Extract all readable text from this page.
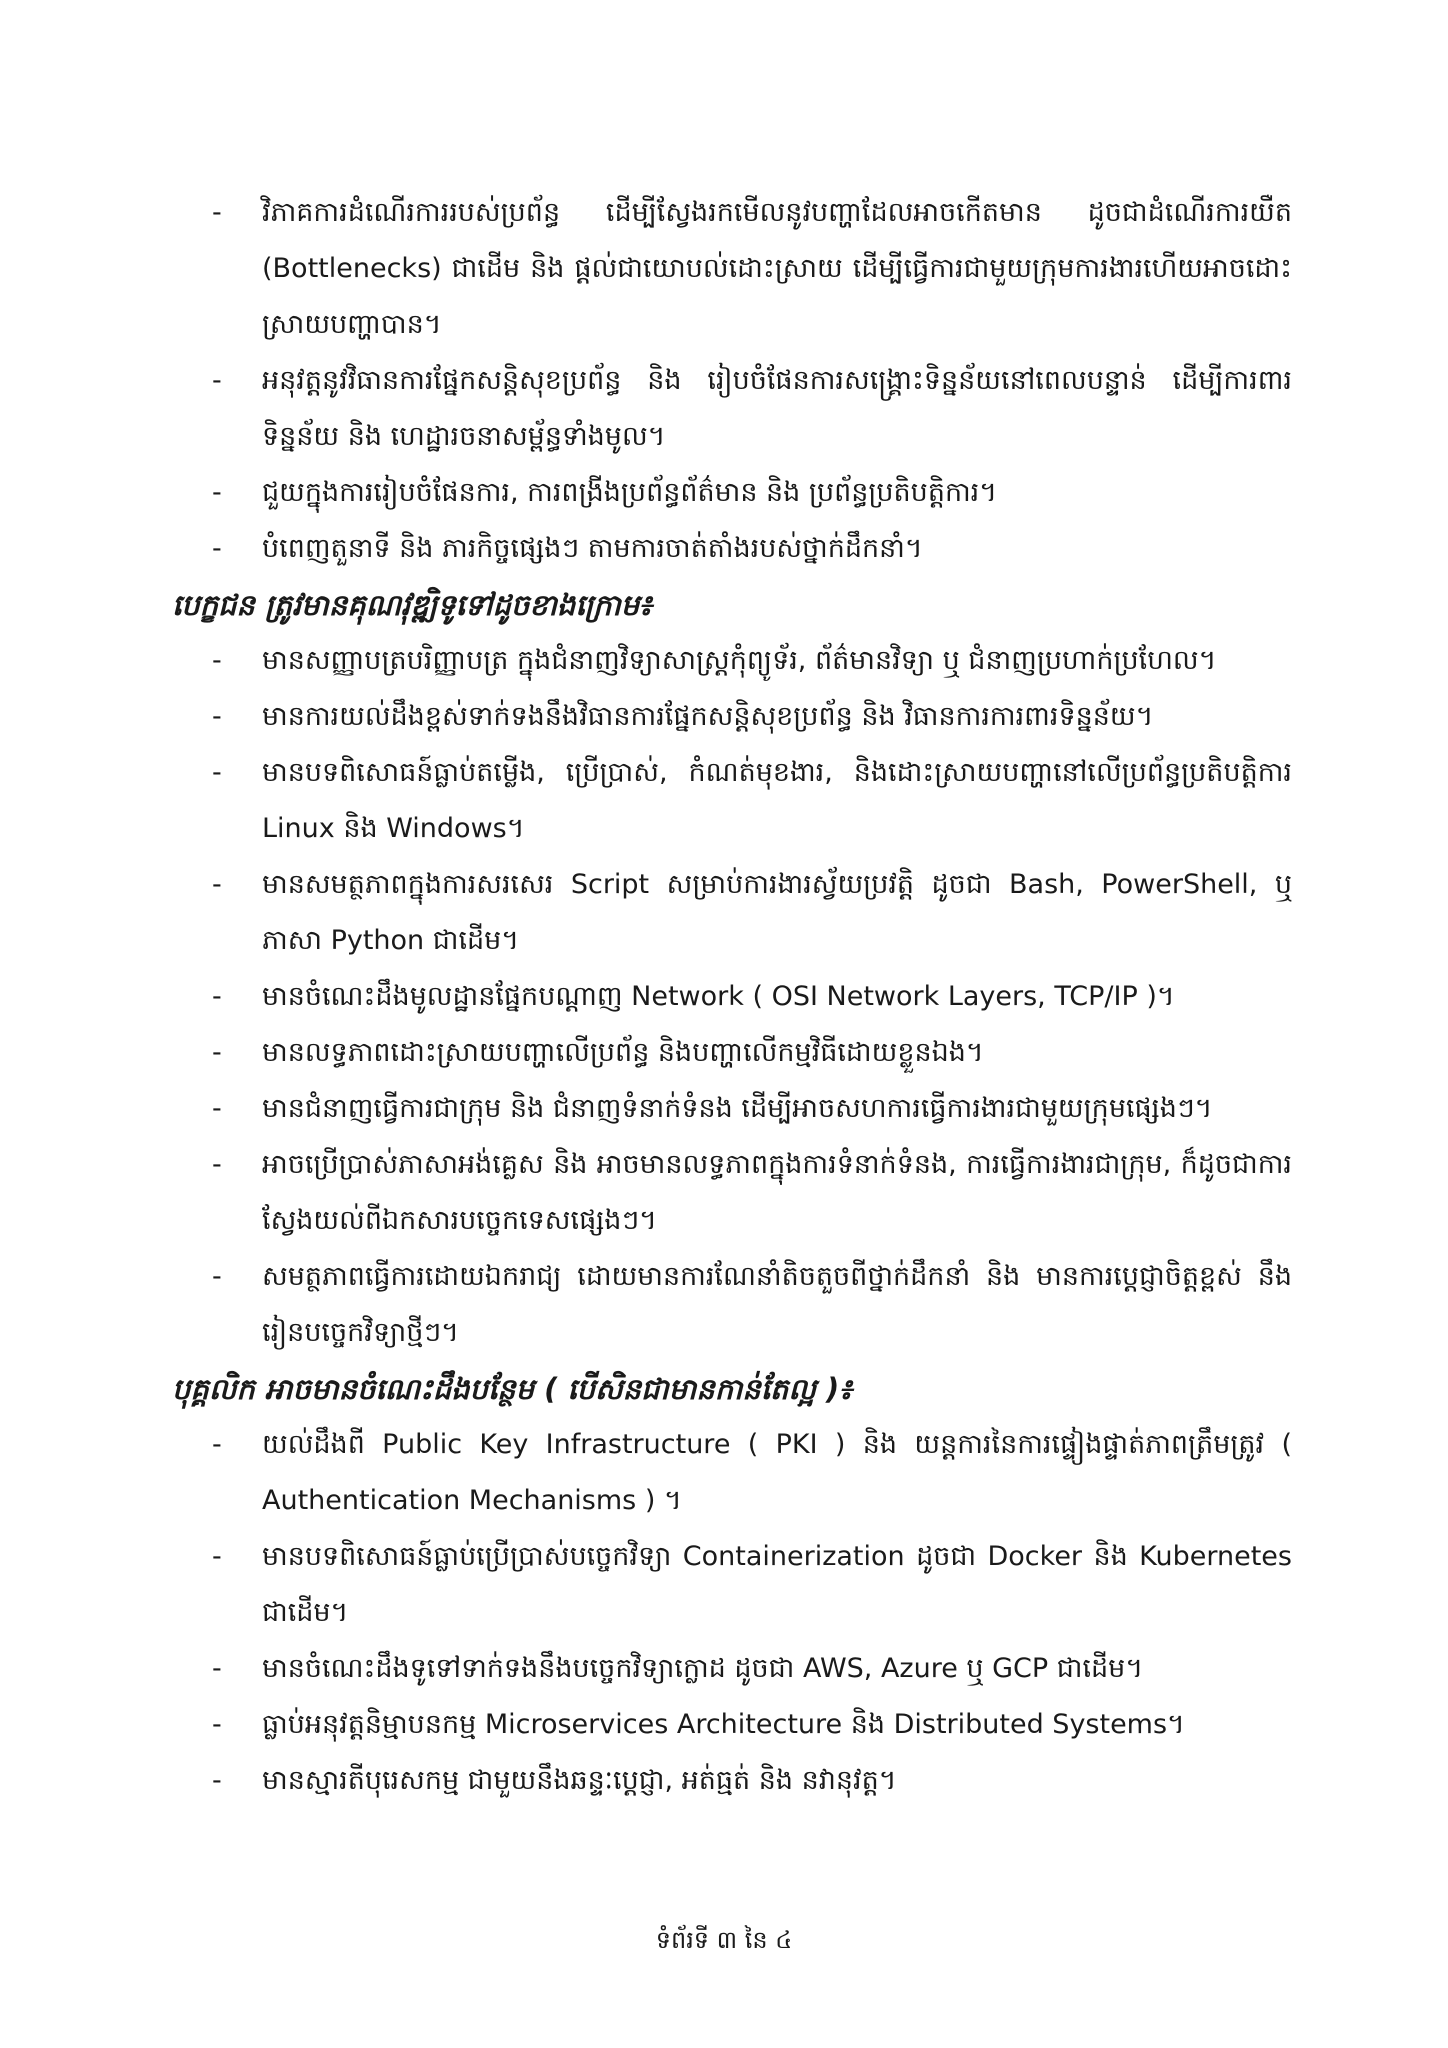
-	វិភាគការដំណើរការរបស់ប្រព័ន្ធ ដើម្បីស្វែងរកមើលនូវបញ្ហាដែលអាចកើតមាន ដូចជាដំណើរការយឺត (Bottlenecks) ជាដើម និង ផ្តល់ជាយោបល់ដោះស្រាយ ដើម្បីធ្វើការជាមួយក្រុមការងារហើយអាចដោះស្រាយបញ្ហាបាន។
-	អនុវត្តនូវវិធានការផ្នែកសន្តិសុខប្រព័ន្ធ និង រៀបចំផែនការសង្គ្រោះទិន្នន័យនៅពេលបន្ទាន់ ដើម្បីការពារទិន្នន័យ និង ហេដ្ឋារចនាសម្ព័ន្ធទាំងមូល។
-	ជួយក្នុងការរៀបចំផែនការ, ការពង្រីងប្រព័ន្ធព័ត៌មាន និង ប្រព័ន្ធប្រតិបត្តិការ។
-	បំពេញតួនាទី និង ភារកិច្ចផ្សេងៗ តាមការចាត់តាំងរបស់ថ្នាក់ដឹកនាំ។
បេក្ខជន ត្រូវមានគុណវុឌ្ឍិទូទៅដូចខាងក្រោម៖
-	មានសញ្ញាបត្របរិញ្ញាបត្រ ក្នុងជំនាញវិទ្យាសាស្ត្រកុំព្យូទ័រ, ព័ត៌មានវិទ្យា ឬ ជំនាញប្រហាក់ប្រហែល។
-	មានការយល់ដឹងខ្ពស់ទាក់ទងនឹងវិធានការផ្នែកសន្តិសុខប្រព័ន្ធ និង វិធានការការពារទិន្នន័យ។
-	មានបទពិសោធន៍ធ្លាប់តម្លើង, ប្រើប្រាស់, កំណត់មុខងារ, និងដោះស្រាយបញ្ហានៅលើប្រព័ន្ធប្រតិបត្តិការ Linux និង Windows។
-	មានសមត្ថភាពក្នុងការសរសេរ Script សម្រាប់ការងារស្វ័យប្រវត្តិ ដូចជា Bash, PowerShell, ឬ ភាសា Python ជាដើម។
-	មានចំណេះដឹងមូលដ្ឋានផ្នែកបណ្តាញ Network ( OSI Network Layers, TCP/IP )។
-	មានលទ្ធភាពដោះស្រាយបញ្ហាលើប្រព័ន្ធ និងបញ្ហាលើកម្មវិធីដោយខ្លួនឯង។
-	មានជំនាញធ្វើការជាក្រុម និង ជំនាញទំនាក់ទំនង ដើម្បីអាចសហការធ្វើការងារជាមួយក្រុមផ្សេងៗ។
-	អាចប្រើប្រាស់ភាសាអង់គ្លេស និង អាចមានលទ្ធភាពក្នុងការទំនាក់ទំនង, ការធ្វើការងារជាក្រុម, ក៏ដូចជាការស្វែងយល់ពីឯកសារបច្ចេកទេសផ្សេងៗ។
-	សមត្ថភាពធ្វើការដោយឯករាជ្យ ដោយមានការណែនាំតិចតួចពីថ្នាក់ដឹកនាំ និង មានការប្តេជ្ញាចិត្តខ្ពស់ នឹងរៀនបច្ចេកវិទ្យាថ្មីៗ។
បុគ្គលិក អាចមានចំណេះដឹងបន្ថែម ( បើសិនជាមានកាន់តែល្អ )៖
-	យល់ដឹងពី Public Key Infrastructure ( PKI ) និង យន្តការនៃការផ្ទៀងផ្ទាត់ភាពត្រឹមត្រូវ ( Authentication Mechanisms ) ។
-	មានបទពិសោធន៍ធ្លាប់ប្រើប្រាស់បច្ចេកវិទ្យា Containerization ដូចជា Docker និង Kubernetes ជាដើម។
-	មានចំណេះដឹងទូទៅទាក់ទងនឹងបច្ចេកវិទ្យាក្លោដ ដូចជា AWS, Azure ឬ GCP ជាដើម។
-	ធ្លាប់អនុវត្តនិម្មាបនកម្ម Microservices Architecture និង Distributed Systems។
-	មានស្មារតីបុរេសកម្ម ជាមួយនឹងឆន្ទៈប្តេជ្ញា, អត់ធ្មត់ និង នវានុវត្ត។
ទំព័រទី ៣ នៃ ៤
